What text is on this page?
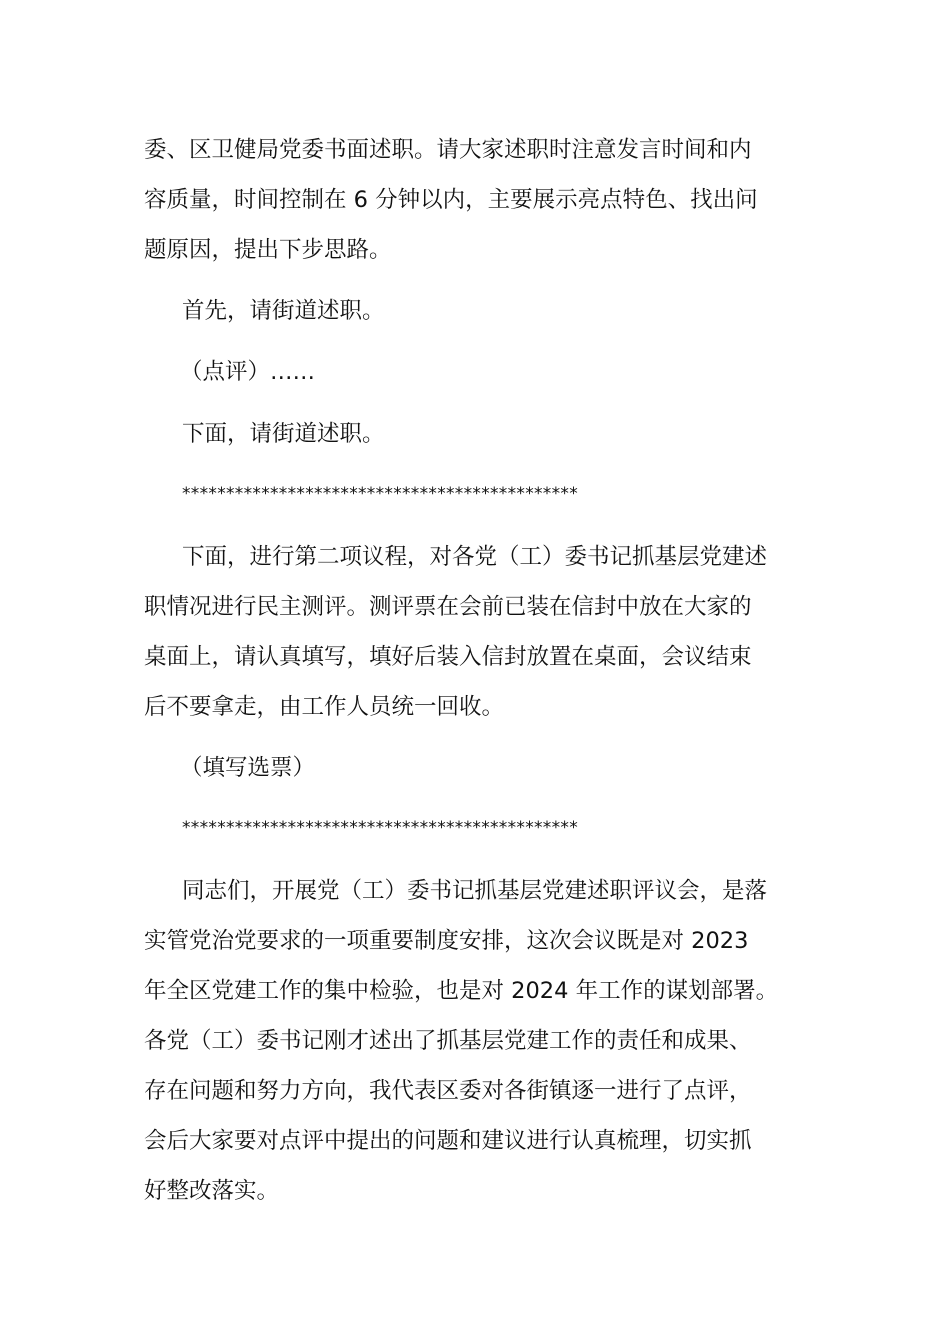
委、区卫健局党委书面述职。请大家述职时注意发言时间和内
容质量，时间控制在 6 分钟以内，主要展示亮点特色、找出问
题原因，提出下步思路。
首先，请街道述职。
（点评）……
下面，请街道述职。
*********************************************
下面，进行第二项议程，对各党（工）委书记抓基层党建述
职情况进行民主测评。测评票在会前已装在信封中放在大家的
桌面上，请认真填写，填好后装入信封放置在桌面，会议结束
后不要拿走，由工作人员统一回收。
（填写选票）
*********************************************
同志们，开展党（工）委书记抓基层党建述职评议会，是落
实管党治党要求的一项重要制度安排，这次会议既是对 2023
年全区党建工作的集中检验，也是对 2024 年工作的谋划部署。
各党（工）委书记刚才述出了抓基层党建工作的责任和成果、
存在问题和努力方向，我代表区委对各街镇逐一进行了点评，
会后大家要对点评中提出的问题和建议进行认真梳理，切实抓
好整改落实。
